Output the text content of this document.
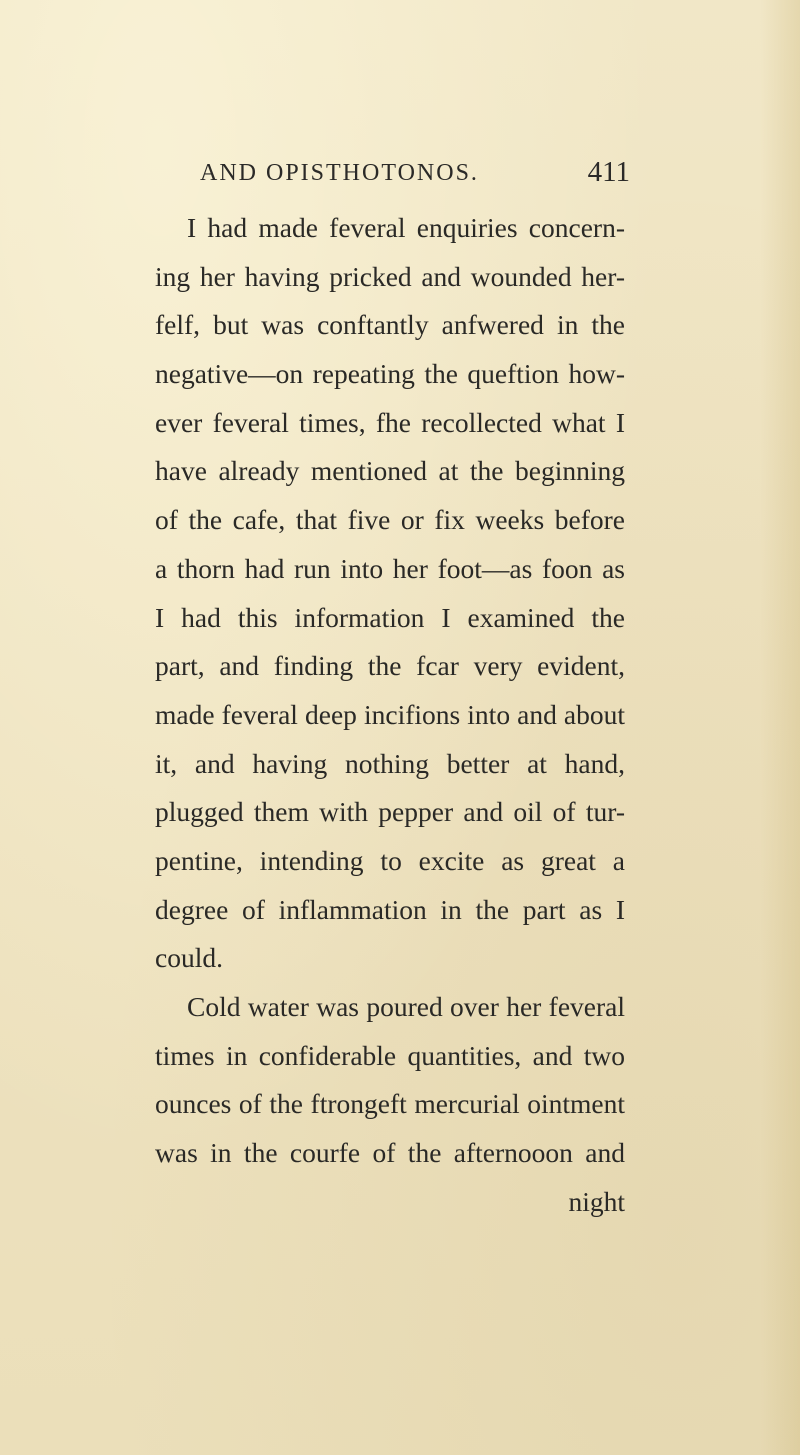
AND OPISTHOTONOS.	411
I had made feveral enquiries concern-
ing her having pricked and wounded her-
felf, but was conftantly anfwered in the
negative—on repeating the queftion how-
ever feveral times, fhe recollected what I
have already mentioned at the beginning
of the cafe, that five or fix weeks before
a thorn had run into her foot—as foon as
I had this information I examined the
part, and finding the fcar very evident,
made feveral deep incifions into and about
it, and having nothing better at hand,
plugged them with pepper and oil of tur-
pentine, intending to excite as great a
degree of inflammation in the part as I
could.
Cold water was poured over her feveral
times in confiderable quantities, and two
ounces of the ftrongeft mercurial ointment
was in the courfe of the afternooon and
night
